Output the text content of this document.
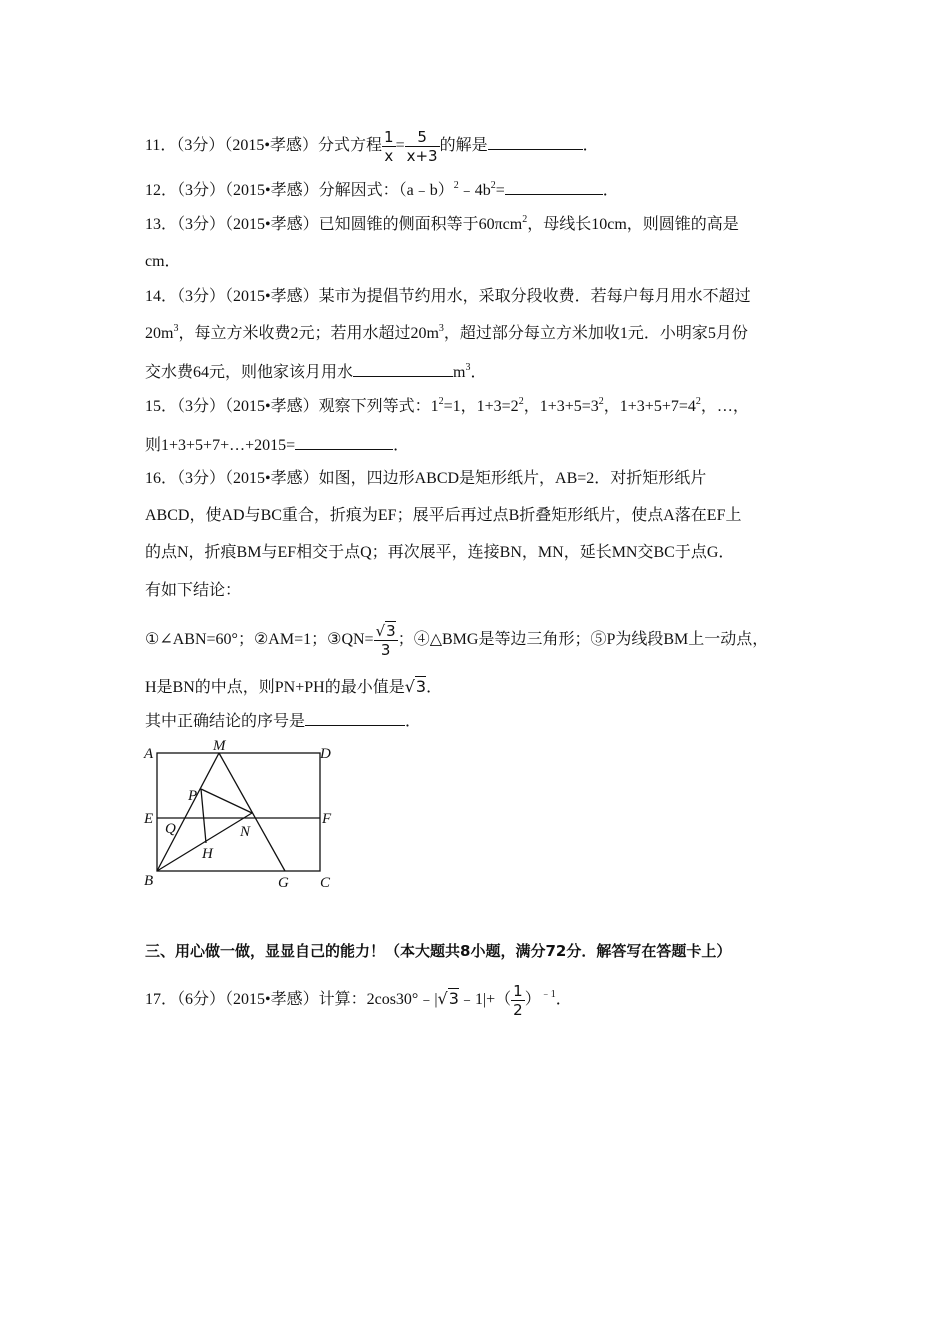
11．（3分）（2015•孝感）分式方程 $\frac{1}{x} = \frac{5}{x+3}$ 的解是	．
12．（3分）（2015•孝感）分解因式：$(a﹣b)^2﹣4b^2=$	．
13．（3分）（2015•孝感）已知圆锥的侧面积等于60πcm$^2$，母线长10cm，则圆锥的高是
cm．
14．（3分）（2015•孝感）某市为提倡节约用水，采取分段收费．若每户每月用水不超过
$20m^3$，每立方米收费2元；若用水超过$20m^3$，超过部分每立方米加收1元．小明家5月份
交水费64元，则他家该月用水	$m^3$．
15．（3分）（2015•孝感）观察下列等式：$1^2=1$，$1+3=2^2$，$1+3+5=3^2$，$1+3+5+7=4^2$，…，
则1+3+5+7+…+2015=	．
16．（3分）（2015•孝感）如图，四边形ABCD是矩形纸片，AB=2．对折矩形纸片
ABCD，使AD与BC重合，折痕为EF；展平后再过点B折叠矩形纸片，使点A落在EF上
的点N，折痕BM与EF相交于点Q；再次展平，连接BN，MN，延长MN交BC于点G．
有如下结论：
①∠ABN=60°；②AM=1；③QN= $\frac{√3}{3}$ ；④△BMG是等边三角形；⑤P为线段BM上一动点，
H是BN的中点，则PN+PH的最小值是√3．
其中正确结论的序号是	．
A	M	D
P
E	F
Q	N
H
B	G C
三、用心做一做，显显自己的能力！（本大题共8小题，满分72分．解答写在答题卡上）
17．（6分）（2015•孝感）计算：2cos30°﹣|√3﹣1|+（ $\frac{1}{2} )^{﹣1}$．
